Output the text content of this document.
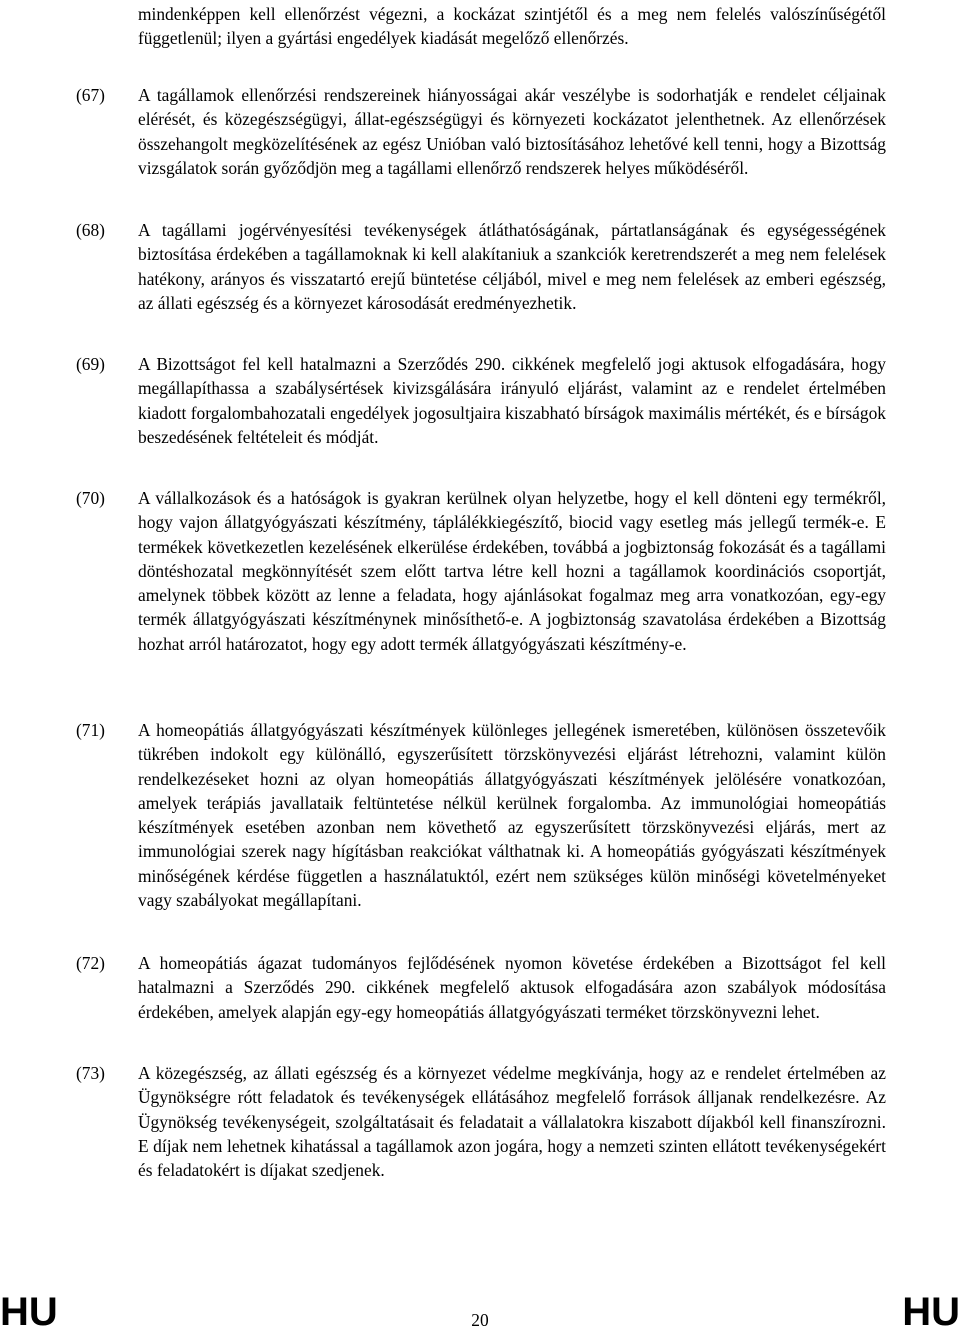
mindenképpen kell ellenőrzést végezni, a kockázat szintjétől és a meg nem felelés valószínűségétől függetlenül; ilyen a gyártási engedélyek kiadását megelőző ellenőrzés.
(67)	A tagállamok ellenőrzési rendszereinek hiányosságai akár veszélybe is sodorhatják e rendelet céljainak elérését, és közegészségügyi, állat-egészségügyi és környezeti kockázatot jelenthetnek. Az ellenőrzések összehangolt megközelítésének az egész Unióban való biztosításához lehetővé kell tenni, hogy a Bizottság vizsgálatok során győződjön meg a tagállami ellenőrző rendszerek helyes működéséről.
(68)	A tagállami jogérvényesítési tevékenységek átláthatóságának, pártatlanságának és egységességének biztosítása érdekében a tagállamoknak ki kell alakítaniuk a szankciók keretrendszerét a meg nem felelések hatékony, arányos és visszatartó erejű büntetése céljából, mivel e meg nem felelések az emberi egészség, az állati egészség és a környezet károsodását eredményezhetik.
(69)	A Bizottságot fel kell hatalmazni a Szerződés 290. cikkének megfelelő jogi aktusok elfogadására, hogy megállapíthassa a szabálysértések kivizsgálására irányuló eljárást, valamint az e rendelet értelmében kiadott forgalombahozatali engedélyek jogosultjaira kiszabható bírságok maximális mértékét, és e bírságok beszedésének feltételeit és módját.
(70)	A vállalkozások és a hatóságok is gyakran kerülnek olyan helyzetbe, hogy el kell dönteni egy termékről, hogy vajon állatgyógyászati készítmény, táplálékkiegészítő, biocid vagy esetleg más jellegű termék-e. E termékek következetlen kezelésének elkerülése érdekében, továbbá a jogbiztonság fokozását és a tagállami döntéshozatal megkönnyítését szem előtt tartva létre kell hozni a tagállamok koordinációs csoportját, amelynek többek között az lenne a feladata, hogy ajánlásokat fogalmaz meg arra vonatkozóan, egy-egy termék állatgyógyászati készítménynek minősíthető-e. A jogbiztonság szavatolása érdekében a Bizottság hozhat arról határozatot, hogy egy adott termék állatgyógyászati készítmény-e.
(71)	A homeopátiás állatgyógyászati készítmények különleges jellegének ismeretében, különösen összetevőik tükrében indokolt egy különálló, egyszerűsített törzskönyvezési eljárást létrehozni, valamint külön rendelkezéseket hozni az olyan homeopátiás állatgyógyászati készítmények jelölésére vonatkozóan, amelyek terápiás javallataik feltüntetése nélkül kerülnek forgalomba. Az immunológiai homeopátiás készítmények esetében azonban nem követhető az egyszerűsített törzskönyvezési eljárás, mert az immunológiai szerek nagy hígításban reakciókat válthatnak ki. A homeopátiás gyógyászati készítmények minőségének kérdése független a használatuktól, ezért nem szükséges külön minőségi követelményeket vagy szabályokat megállapítani.
(72)	A homeopátiás ágazat tudományos fejlődésének nyomon követése érdekében a Bizottságot fel kell hatalmazni a Szerződés 290. cikkének megfelelő aktusok elfogadására azon szabályok módosítása érdekében, amelyek alapján egy-egy homeopátiás állatgyógyászati terméket törzskönyvezni lehet.
(73)	A közegészség, az állati egészség és a környezet védelme megkívánja, hogy az e rendelet értelmében az Ügynökségre rótt feladatok és tevékenységek ellátásához megfelelő források álljanak rendelkezésre. Az Ügynökség tevékenységeit, szolgáltatásait és feladatait a vállalatokra kiszabott díjakból kell finanszírozni. E díjak nem lehetnek kihatással a tagállamok azon jogára, hogy a nemzeti szinten ellátott tevékenységekért és feladatokért is díjakat szedjenek.
HU	20	HU
